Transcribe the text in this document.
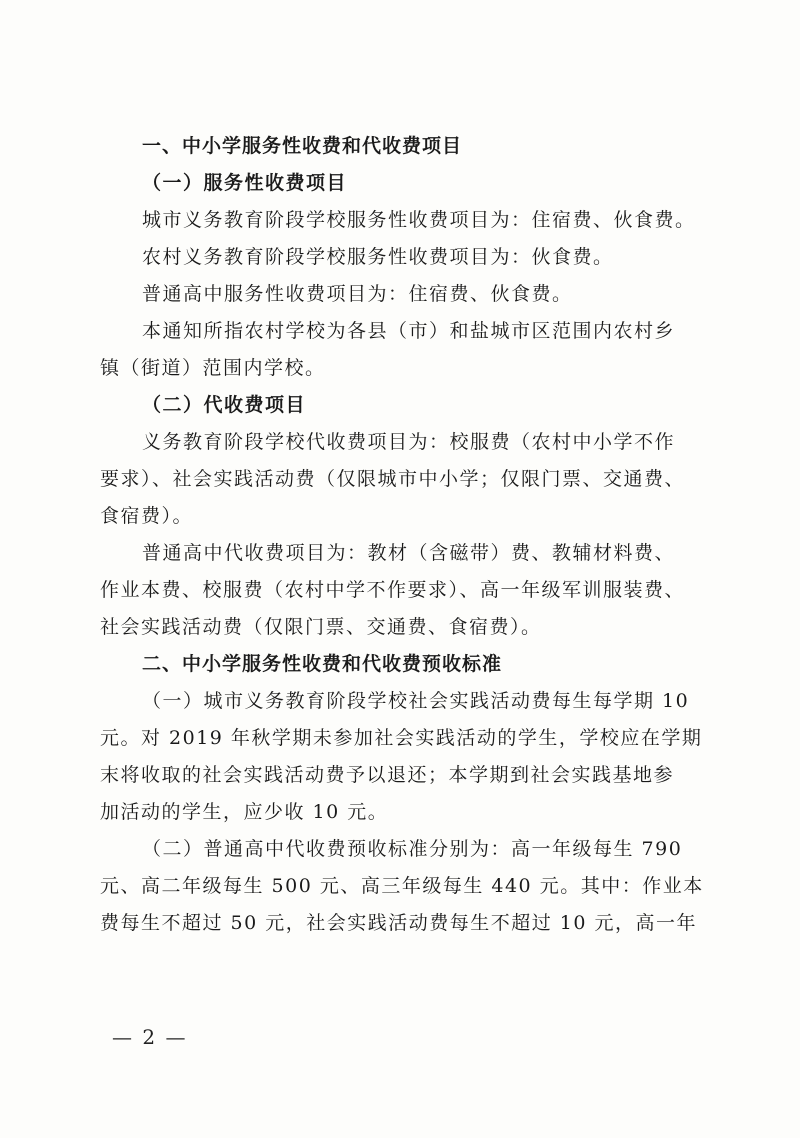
一、中小学服务性收费和代收费项目
（一）服务性收费项目
城市义务教育阶段学校服务性收费项目为：住宿费、伙食费。
农村义务教育阶段学校服务性收费项目为：伙食费。
普通高中服务性收费项目为：住宿费、伙食费。
本通知所指农村学校为各县（市）和盐城市区范围内农村乡
镇（街道）范围内学校。
（二）代收费项目
义务教育阶段学校代收费项目为：校服费（农村中小学不作
要求）、社会实践活动费（仅限城市中小学；仅限门票、交通费、
食宿费）。
普通高中代收费项目为：教材（含磁带）费、教辅材料费、
作业本费、校服费（农村中学不作要求）、高一年级军训服装费、
社会实践活动费（仅限门票、交通费、食宿费）。
二、中小学服务性收费和代收费预收标准
（一）城市义务教育阶段学校社会实践活动费每生每学期 10
元。对 2019 年秋学期未参加社会实践活动的学生，学校应在学期
末将收取的社会实践活动费予以退还；本学期到社会实践基地参
加活动的学生，应少收 10 元。
（二）普通高中代收费预收标准分别为：高一年级每生 790
元、高二年级每生 500 元、高三年级每生 440 元。其中：作业本
费每生不超过 50 元，社会实践活动费每生不超过 10 元，高一年
— 2 —
